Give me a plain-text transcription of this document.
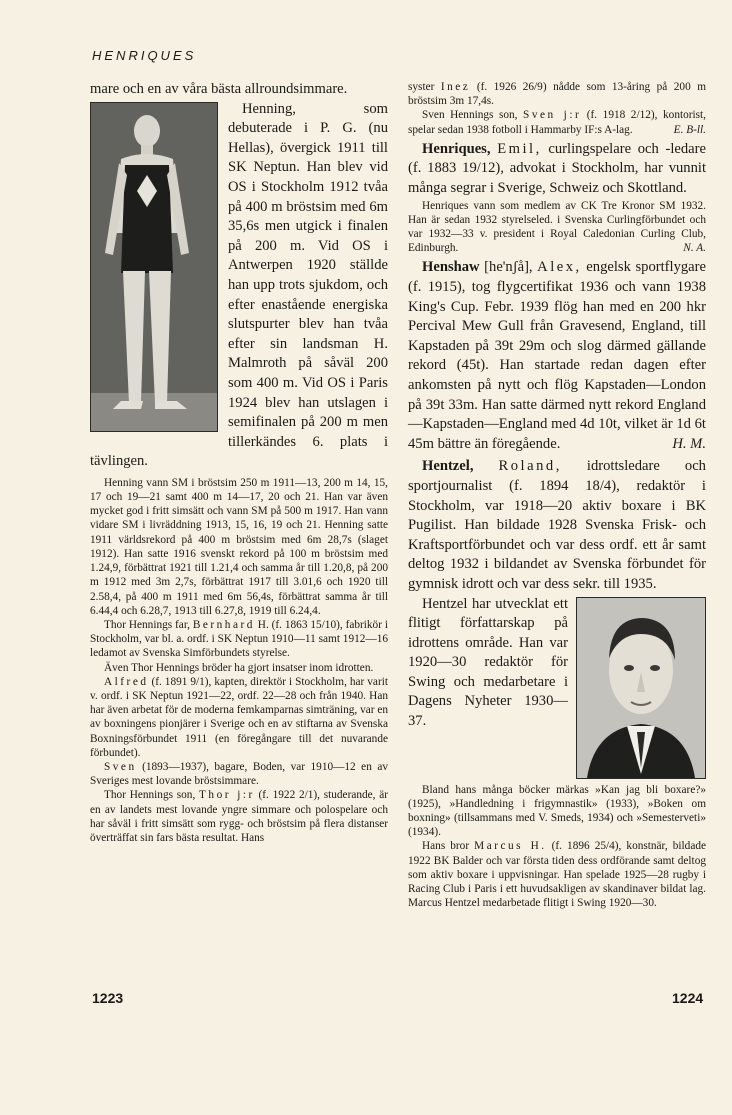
HENRIQUES

mare och en av våra bästa allroundsimmare.

Henning, som debuterade i P. G. (nu Hellas), övergick 1911 till SK Neptun. Han blev vid OS i Stockholm 1912 tvåa på 400 m bröstsim med 6m 35,6s men utgick i finalen på 200 m. Vid OS i Antwerpen 1920 ställde han upp trots sjukdom, och efter enastående energiska slutspurter blev han tvåa efter sin landsman H. Malmroth på såväl 200 som 400 m. Vid OS i Paris 1924 blev han utslagen i semifinalen på 200 m men tillerkändes 6. plats i tävlingen.

Henning vann SM i bröstsim 250 m 1911—13, 200 m 14, 15, 17 och 19—21 samt 400 m 14—17, 20 och 21. Han var även mycket god i fritt simsätt och vann SM på 500 m 1917. Han vann vidare SM i livräddning 1913, 15, 16, 19 och 21. Henning satte 1911 världsrekord på 400 m bröstsim med 6m 28,7s (slaget 1912). Han satte 1916 svenskt rekord på 100 m bröstsim med 1.24,9, förbättrat 1921 till 1.21,4 och samma år till 1.20,8, på 200 m 1912 med 3m 2,7s, förbättrat 1917 till 3.01,6 och 1920 till 2.58,4, på 400 m 1911 med 6m 56,4s, förbättrat samma år till 6.44,4 och 6.28,7, 1913 till 6.27,8, 1919 till 6.24,4.

Thor Hennings far, Bernhard H. (f. 1863 15/10), fabrikör i Stockholm, var bl. a. ordf. i SK Neptun 1910—11 samt 1912—16 ledamot av Svenska Simförbundets styrelse.

Även Thor Hennings bröder ha gjort insatser inom idrotten.

Alfred (f. 1891 9/1), kapten, direktör i Stockholm, har varit v. ordf. i SK Neptun 1921—22, ordf. 22—28 och från 1940. Han har även arbetat för de moderna femkamparnas simträning, var en av boxningens pionjärer i Sverige och en av stiftarna av Svenska Boxningsförbundet 1911 (en föregångare till det nuvarande förbundet).

Sven (1893—1937), bagare, Boden, var 1910—12 en av Sveriges mest lovande bröstsimmare.

Thor Hennings son, Thor j:r (f. 1922 2/1), studerande, är en av landets mest lovande yngre simmare och polospelare och har såväl i fritt simsätt som rygg- och bröstsim på flera distanser överträffat sin fars bästa resultat. Hans

syster Inez (f. 1926 26/9) nådde som 13-åring på 200 m bröstsim 3m 17,4s.

Sven Hennings son, Sven j:r (f. 1918 2/12), kontorist, spelar sedan 1938 fotboll i Hammarby IF:s A-lag.	E. B-ll.

Henriques, Emil, curlingspelare och -ledare (f. 1883 19/12), advokat i Stockholm, har vunnit många segrar i Sverige, Schweiz och Skottland.

Henriques vann som medlem av CK Tre Kronor SM 1932. Han är sedan 1932 styrelseled. i Svenska Curlingförbundet och var 1932—33 v. president i Royal Caledonian Curling Club, Edinburgh.	N. A.

Henshaw [he'nʃå], Alex, engelsk sportflygare (f. 1915), tog flygcertifikat 1936 och vann 1938 King's Cup. Febr. 1939 flög han med en 200 hkr Percival Mew Gull från Gravesend, England, till Kapstaden på 39t 29m och slog därmed gällande rekord (45t). Han startade redan dagen efter ankomsten på nytt och flög Kapstaden—London på 39t 33m. Han satte därmed nytt rekord England—Kapstaden—England med 4d 10t, vilket är 1d 6t 45m bättre än föregående.	H. M.

Hentzel, Roland, idrottsledare och sportjournalist (f. 1894 18/4), redaktör i Stockholm, var 1918—20 aktiv boxare i BK Pugilist. Han bildade 1928 Svenska Frisk- och Kraftsportförbundet och var dess ordf. ett år samt deltog 1932 i bildandet av Svenska förbundet för gymnisk idrott och var dess sekr. till 1935.

Hentzel har utvecklat ett flitigt författarskap på idrottens område. Han var 1920—30 redaktör för Swing och medarbetare i Dagens Nyheter 1930—37.

Bland hans många böcker märkas »Kan jag bli boxare?» (1925), »Handledning i frigymnastik» (1933), »Boken om boxning» (tillsammans med V. Smeds, 1934) och »Semesterveti» (1934).

Hans bror Marcus H. (f. 1896 25/4), konstnär, bildade 1922 BK Balder och var första tiden dess ordförande samt deltog som aktiv boxare i uppvisningar. Han spelade 1925—28 rugby i Racing Club i Paris i ett huvudsakligen av skandinaver bildat lag. Marcus Hentzel medarbetade flitigt i Swing 1920—30.

1223	1224
